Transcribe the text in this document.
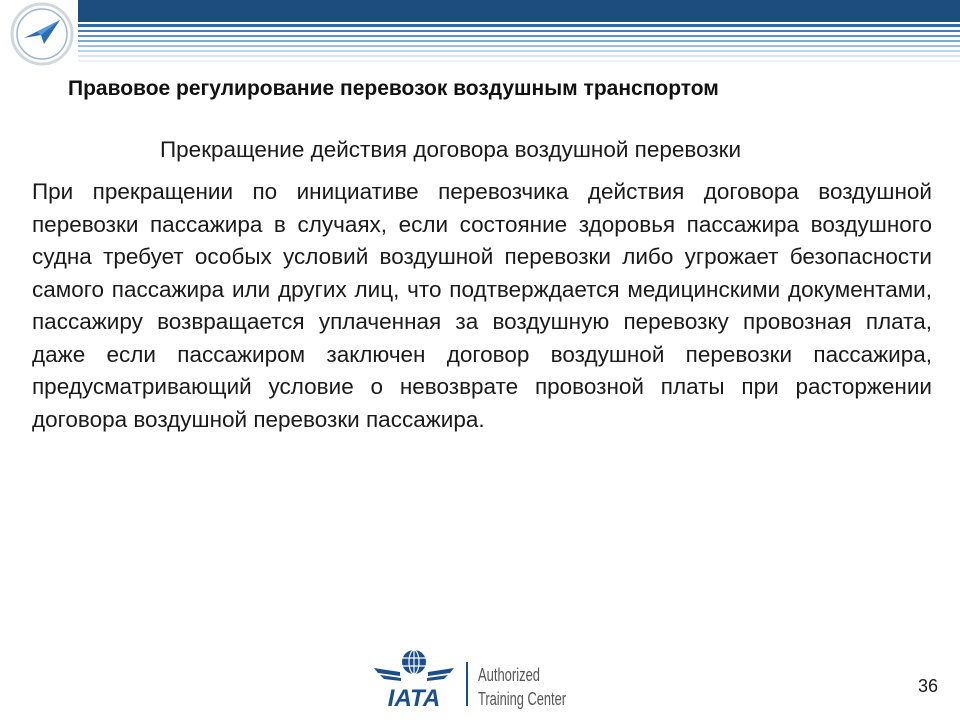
Правовое регулирование перевозок воздушным транспортом
Прекращение действия договора воздушной перевозки

При прекращении по инициативе перевозчика действия договора воздушной перевозки пассажира в случаях, если состояние здоровья пассажира воздушного судна требует особых условий воздушной перевозки либо угрожает безопасности самого пассажира или других лиц, что подтверждается медицинскими документами, пассажиру возвращается уплаченная за воздушную перевозку провозная плата, даже если пассажиром заключен договор воздушной перевозки пассажира, предусматривающий условие о невозврате провозной платы при расторжении договора воздушной перевозки пассажира.

IATA
Authorized
Training Center
36
